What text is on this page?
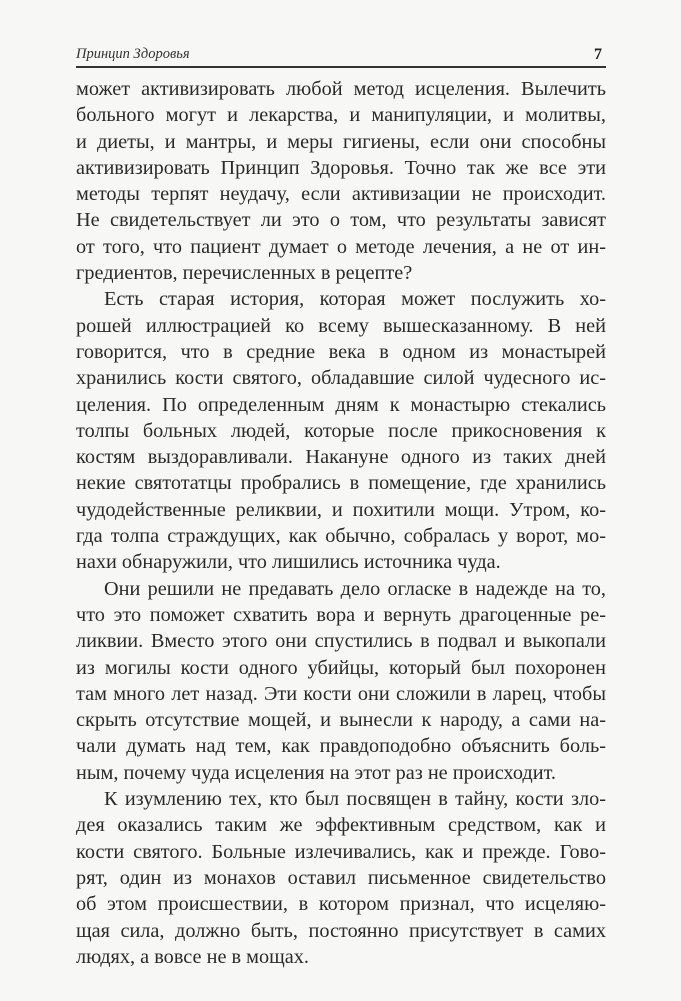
Принцип Здоровья	7
может активизировать любой метод исцеления. Вылечить
больного могут и лекарства, и манипуляции, и молитвы,
и диеты, и мантры, и меры гигиены, если они способны
активизировать Принцип Здоровья. Точно так же все эти
методы терпят неудачу, если активизации не происходит.
Не свидетельствует ли это о том, что результаты зависят
от того, что пациент думает о методе лечения, а не от ин-
гредиентов, перечисленных в рецепте?
Есть старая история, которая может послужить хо-
рошей иллюстрацией ко всему вышесказанному. В ней
говорится, что в средние века в одном из монастырей
хранились кости святого, обладавшие силой чудесного ис-
целения. По определенным дням к монастырю стекались
толпы больных людей, которые после прикосновения к
костям выздоравливали. Накануне одного из таких дней
некие святотатцы пробрались в помещение, где хранились
чудодейственные реликвии, и похитили мощи. Утром, ко-
гда толпа страждущих, как обычно, собралась у ворот, мо-
нахи обнаружили, что лишились источника чуда.
Они решили не предавать дело огласке в надежде на то,
что это поможет схватить вора и вернуть драгоценные ре-
ликвии. Вместо этого они спустились в подвал и выкопали
из могилы кости одного убийцы, который был похоронен
там много лет назад. Эти кости они сложили в ларец, чтобы
скрыть отсутствие мощей, и вынесли к народу, а сами на-
чали думать над тем, как правдоподобно объяснить боль-
ным, почему чуда исцеления на этот раз не происходит.
К изумлению тех, кто был посвящен в тайну, кости зло-
дея оказались таким же эффективным средством, как и
кости святого. Больные излечивались, как и прежде. Гово-
рят, один из монахов оставил письменное свидетельство
об этом происшествии, в котором признал, что исцеляю-
щая сила, должно быть, постоянно присутствует в самих
людях, а вовсе не в мощах.
